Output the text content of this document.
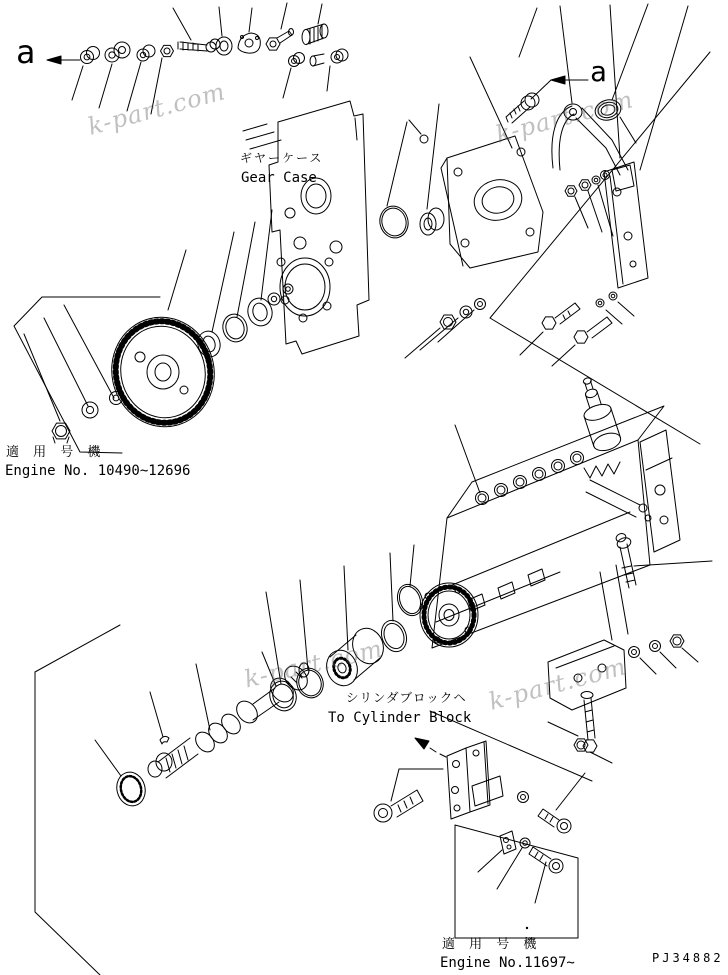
k-part.com	k-part.com
k-part.com	k-part.com
a
a
ギヤーケース
Gear Case
適 用 号 機
Engine No. 10490~12696
シリンダブロックヘ
To Cylinder Block
適 用 号 機
Engine No.11697~	PJ34882
